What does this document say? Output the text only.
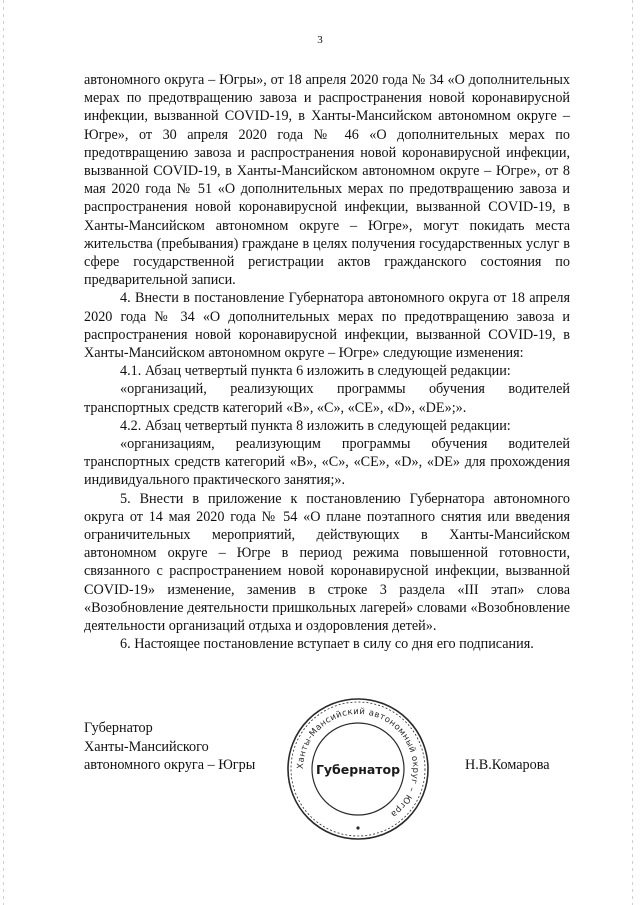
3

автономного округа – Югры», от 18 апреля 2020 года № 34 «О дополнительных мерах по предотвращению завоза и распространения новой коронавирусной инфекции, вызванной COVID-19, в Ханты-Мансийском автономном округе – Югре», от 30 апреля 2020 года № 46 «О дополнительных мерах по предотвращению завоза и распространения новой коронавирусной инфекции, вызванной COVID-19, в Ханты-Мансийском автономном округе – Югре», от 8 мая 2020 года № 51 «О дополнительных мерах по предотвращению завоза и распространения новой коронавирусной инфекции, вызванной COVID-19, в Ханты-Мансийском автономном округе – Югре», могут покидать места жительства (пребывания) граждане в целях получения государственных услуг в сфере государственной регистрации актов гражданского состояния по предварительной записи.

4. Внести в постановление Губернатора автономного округа от 18 апреля 2020 года № 34 «О дополнительных мерах по предотвращению завоза и распространения новой коронавирусной инфекции, вызванной COVID-19, в Ханты-Мансийском автономном округе – Югре» следующие изменения:

4.1. Абзац четвертый пункта 6 изложить в следующей редакции:

«организаций, реализующих программы обучения водителей транспортных средств категорий «B», «C», «CE», «D», «DE»;».

4.2. Абзац четвертый пункта 8 изложить в следующей редакции:

«организациям, реализующим программы обучения водителей транспортных средств категорий «B», «C», «CE», «D», «DE» для прохождения индивидуального практического занятия;».

5. Внести в приложение к постановлению Губернатора автономного округа от 14 мая 2020 года № 54 «О плане поэтапного снятия или введения ограничительных мероприятий, действующих в Ханты-Мансийском автономном округе – Югре в период режима повышенной готовности, связанного с распространением новой коронавирусной инфекции, вызванной COVID-19» изменение, заменив в строке 3 раздела «III этап» слова «Возобновление деятельности пришкольных лагерей» словами «Возобновление деятельности организаций отдыха и оздоровления детей».

6. Настоящее постановление вступает в силу со дня его подписания.

Губернатор
Ханты-Мансийского
автономного округа – Югры	Н.В.Комарова
Ханты-Мансийский автономный округ – Югра
Губернатор
